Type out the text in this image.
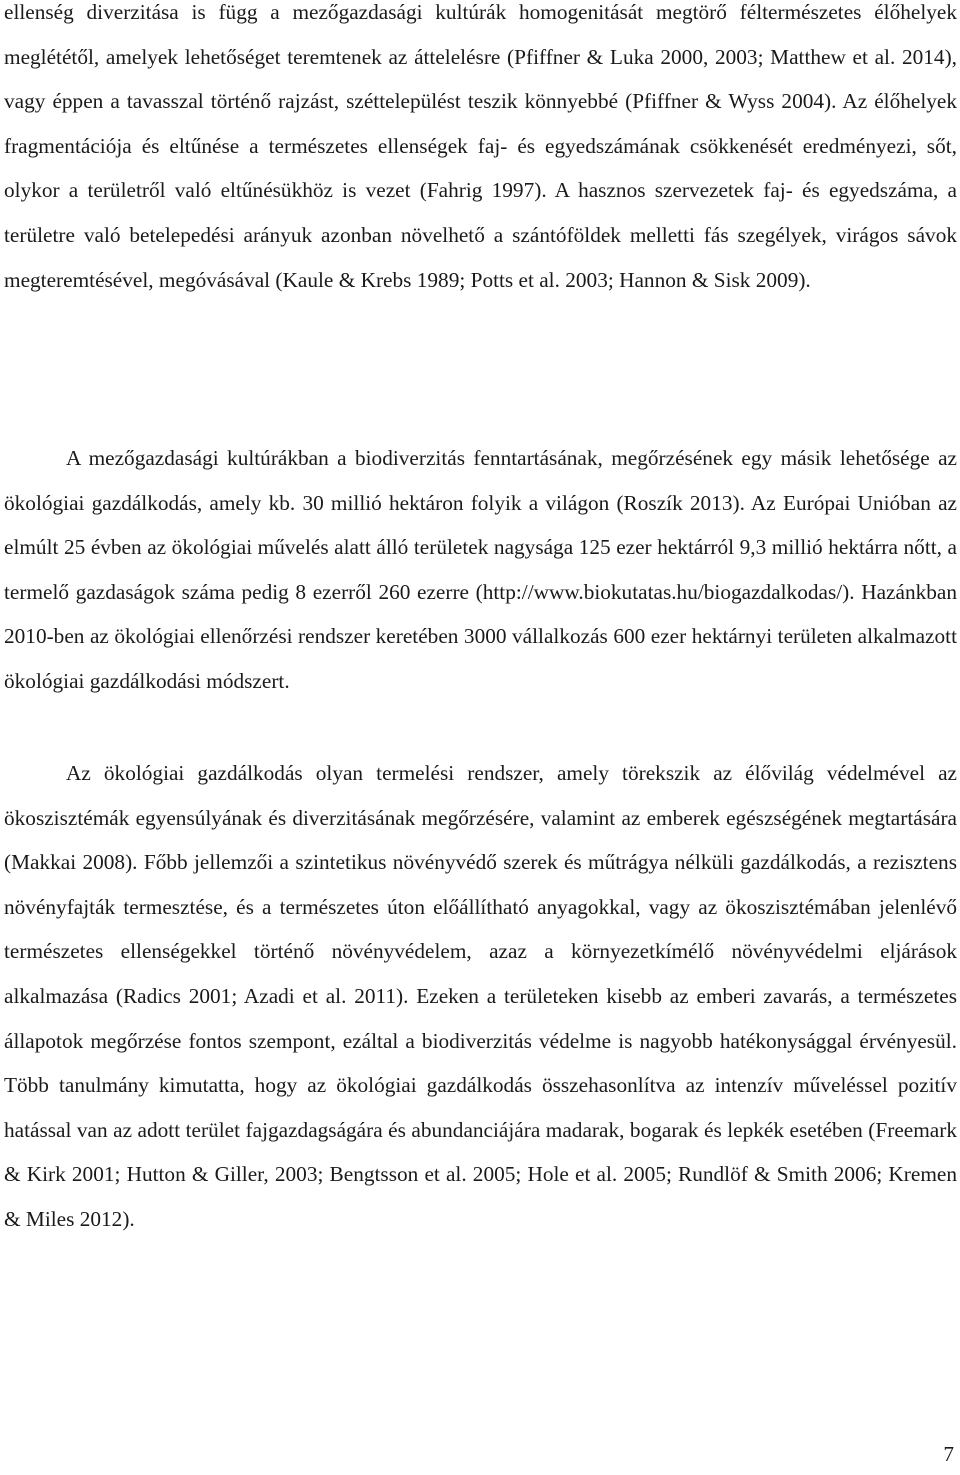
ellenség diverzitása is függ a mezőgazdasági kultúrák homogenitását megtörő féltermészetes élőhelyek meglététől, amelyek lehetőséget teremtenek az áttelelésre (Pfiffner & Luka 2000, 2003; Matthew et al. 2014), vagy éppen a tavasszal történő rajzást, széttelepülést teszik könnyebbé (Pfiffner & Wyss 2004). Az élőhelyek fragmentációja és eltűnése a természetes ellenségek faj- és egyedszámának csökkenését eredményezi, sőt, olykor a területről való eltűnésükhöz is vezet (Fahrig 1997). A hasznos szervezetek faj- és egyedszáma, a területre való betelepedési arányuk azonban növelhető a szántóföldek melletti fás szegélyek, virágos sávok megteremtésével, megóvásával (Kaule & Krebs 1989; Potts et al. 2003; Hannon & Sisk 2009).

A mezőgazdasági kultúrákban a biodiverzitás fenntartásának, megőrzésének egy másik lehetősége az ökológiai gazdálkodás, amely kb. 30 millió hektáron folyik a világon (Roszík 2013). Az Európai Unióban az elmúlt 25 évben az ökológiai művelés alatt álló területek nagysága 125 ezer hektárról 9,3 millió hektárra nőtt, a termelő gazdaságok száma pedig 8 ezerről 260 ezerre (http://www.biokutatas.hu/biogazdalkodas/). Hazánkban 2010-ben az ökológiai ellenőrzési rendszer keretében 3000 vállalkozás 600 ezer hektárnyi területen alkalmazott ökológiai gazdálkodási módszert.

Az ökológiai gazdálkodás olyan termelési rendszer, amely törekszik az élővilág védelmével az ökoszisztémák egyensúlyának és diverzitásának megőrzésére, valamint az emberek egészségének megtartására (Makkai 2008). Főbb jellemzői a szintetikus növényvédő szerek és műtrágya nélküli gazdálkodás, a rezisztens növényfajták termesztése, és a természetes úton előállítható anyagokkal, vagy az ökoszisztémában jelenlévő természetes ellenségekkel történő növényvédelem, azaz a környezetkímélő növényvédelmi eljárások alkalmazása (Radics 2001; Azadi et al. 2011). Ezeken a területeken kisebb az emberi zavarás, a természetes állapotok megőrzése fontos szempont, ezáltal a biodiverzitás védelme is nagyobb hatékonysággal érvényesül. Több tanulmány kimutatta, hogy az ökológiai gazdálkodás összehasonlítva az intenzív műveléssel pozitív hatással van az adott terület fajgazdagságára és abundanciájára madarak, bogarak és lepkék esetében (Freemark & Kirk 2001; Hutton & Giller, 2003; Bengtsson et al. 2005; Hole et al. 2005; Rundlöf & Smith 2006; Kremen & Miles 2012).

7
